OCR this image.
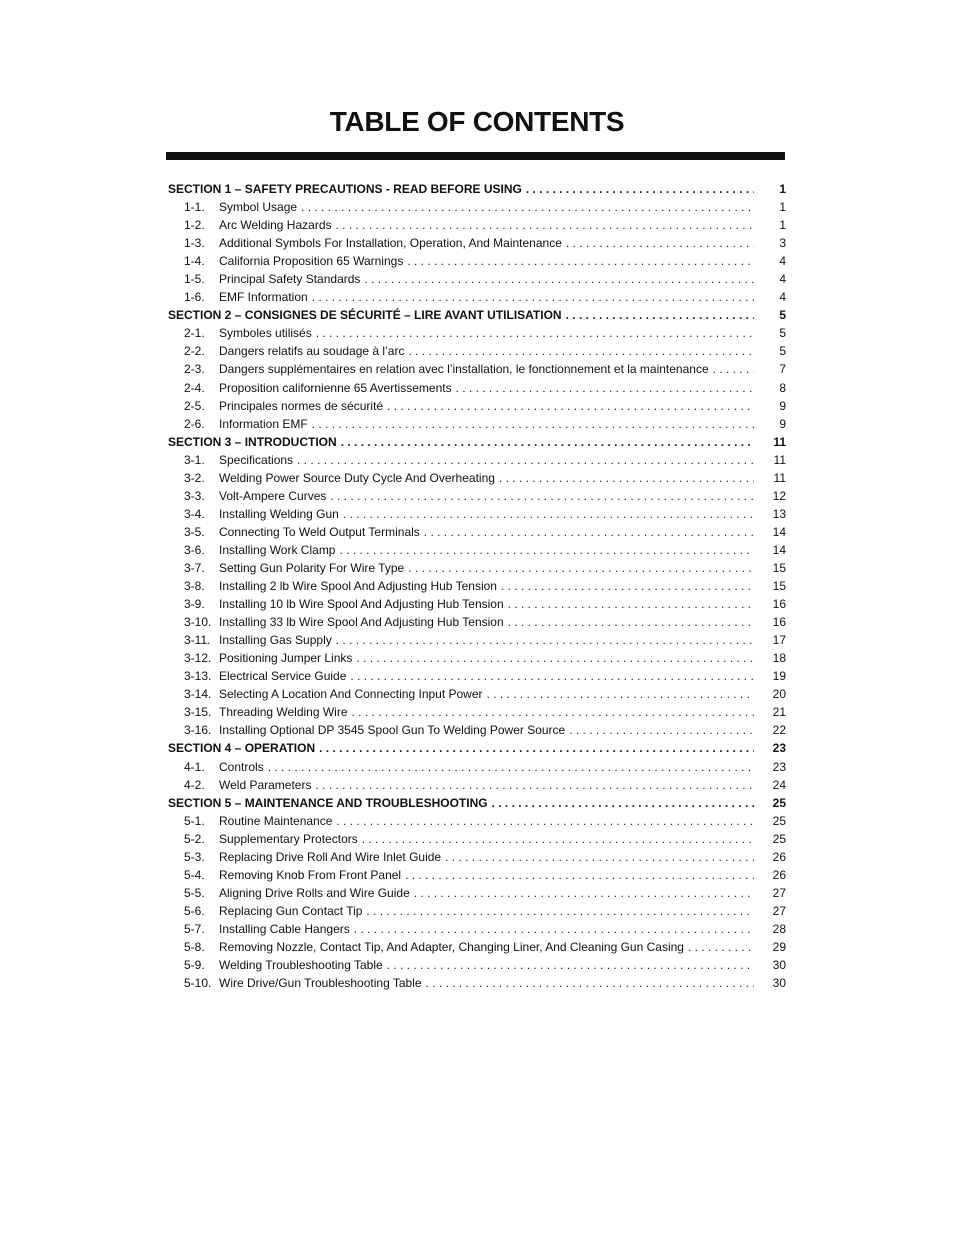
TABLE OF CONTENTS
SECTION 1 – SAFETY PRECAUTIONS - READ BEFORE USING . . .	1
1-1.	Symbol Usage . . .	1
1-2.	Arc Welding Hazards . . .	1
1-3.	Additional Symbols For Installation, Operation, And Maintenance . . .	3
1-4.	California Proposition 65 Warnings . . .	4
1-5.	Principal Safety Standards . . .	4
1-6.	EMF Information . . .	4
SECTION 2 – CONSIGNES DE SÉCURITÉ – LIRE AVANT UTILISATION . . .	5
2-1.	Symboles utilisés . . .	5
2-2.	Dangers relatifs au soudage à l’arc . . .	5
2-3.	Dangers supplémentaires en relation avec l’installation, le fonctionnement et la maintenance . . .	7
2-4.	Proposition californienne 65 Avertissements . . .	8
2-5.	Principales normes de sécurité . . .	9
2-6.	Information EMF . . .	9
SECTION 3 – INTRODUCTION . . .	11
3-1.	Specifications . . .	11
3-2.	Welding Power Source Duty Cycle And Overheating . . .	11
3-3.	Volt-Ampere Curves . . .	12
3-4.	Installing Welding Gun . . .	13
3-5.	Connecting To Weld Output Terminals . . .	14
3-6.	Installing Work Clamp . . .	14
3-7.	Setting Gun Polarity For Wire Type . . .	15
3-8.	Installing 2 lb Wire Spool And Adjusting Hub Tension . . .	15
3-9.	Installing 10 lb Wire Spool And Adjusting Hub Tension . . .	16
3-10. Installing 33 lb Wire Spool And Adjusting Hub Tension . . .	16
3-11. Installing Gas Supply . . .	17
3-12. Positioning Jumper Links . . .	18
3-13. Electrical Service Guide . . .	19
3-14. Selecting A Location And Connecting Input Power . . .	20
3-15. Threading Welding Wire . . .	21
3-16. Installing Optional DP 3545 Spool Gun To Welding Power Source . . .	22
SECTION 4 – OPERATION . . .	23
4-1.	Controls . . .	23
4-2.	Weld Parameters . . .	24
SECTION 5 – MAINTENANCE AND TROUBLESHOOTING . . .	25
5-1.	Routine Maintenance . . .	25
5-2.	Supplementary Protectors . . .	25
5-3.	Replacing Drive Roll And Wire Inlet Guide . . .	26
5-4.	Removing Knob From Front Panel . . .	26
5-5.	Aligning Drive Rolls and Wire Guide . . .	27
5-6.	Replacing Gun Contact Tip . . .	27
5-7.	Installing Cable Hangers . . .	28
5-8.	Removing Nozzle, Contact Tip, And Adapter, Changing Liner, And Cleaning Gun Casing . . .	29
5-9.	Welding Troubleshooting Table . . .	30
5-10. Wire Drive/Gun Troubleshooting Table . . .	30
